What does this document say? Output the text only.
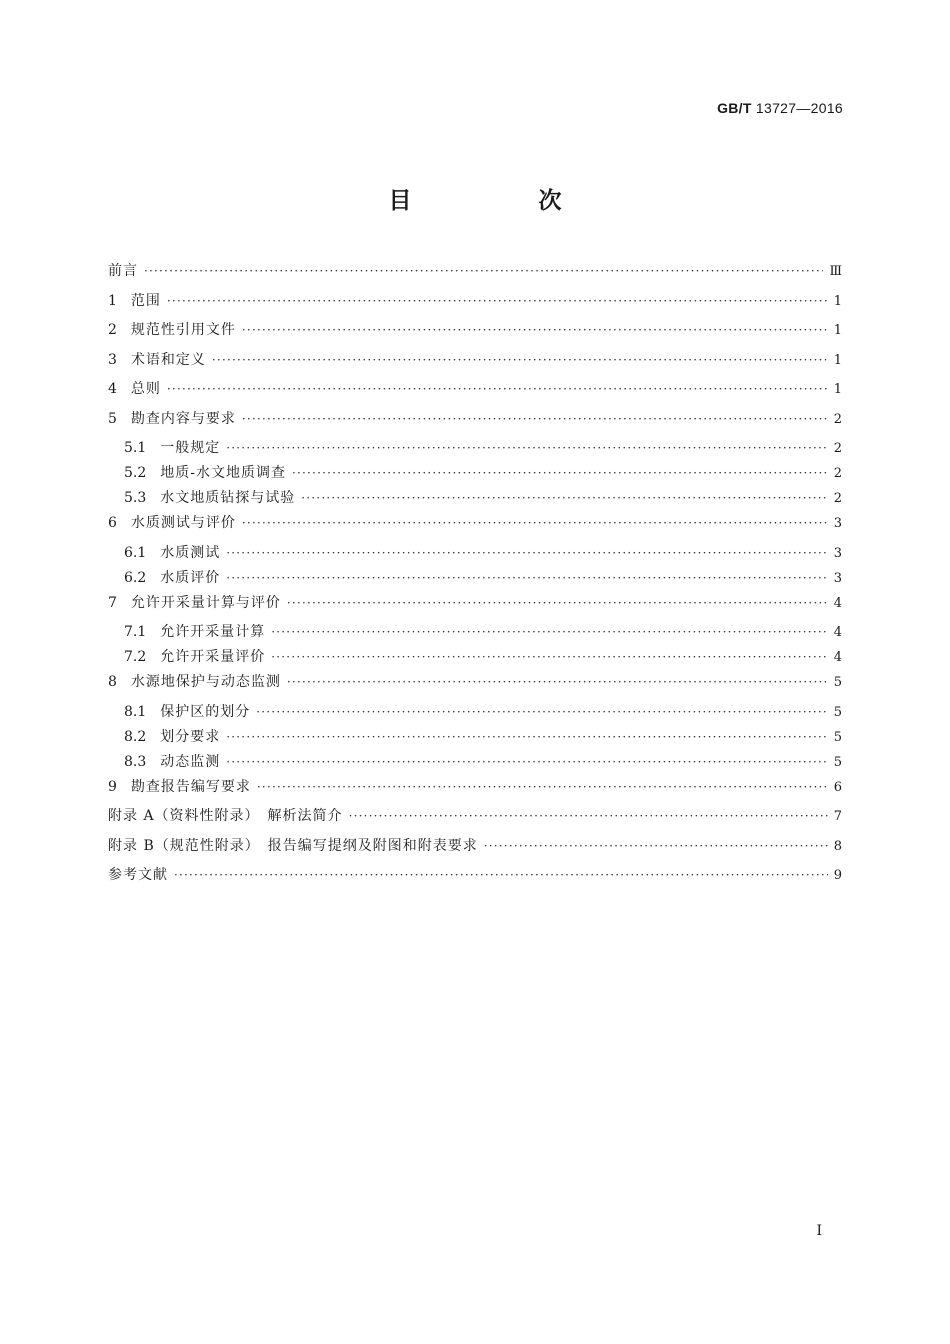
GB/T 13727—2016
目　次
前言 ·····	Ⅲ
1 范围 ·····	1
2 规范性引用文件 ·····	1
3 术语和定义 ·····	1
4 总则 ·····	1
5 勘查内容与要求 ·····	2
5.1 一般规定 ·····	2
5.2 地质-水文地质调查 ·····	2
5.3 水文地质钻探与试验 ·····	2
6 水质测试与评价 ·····	3
6.1 水质测试 ·····	3
6.2 水质评价 ·····	3
7 允许开采量计算与评价 ·····	4
7.1 允许开采量计算 ·····	4
7.2 允许开采量评价 ·····	4
8 水源地保护与动态监测 ·····	5
8.1 保护区的划分 ·····	5
8.2 划分要求 ·····	5
8.3 动态监测 ·····	5
9 勘查报告编写要求 ·····	6
附录 A（资料性附录）　解析法简介 ·····	7
附录 B（规范性附录）　报告编写提纲及附图和附表要求 ·····	8
参考文献 ·····	9
I
